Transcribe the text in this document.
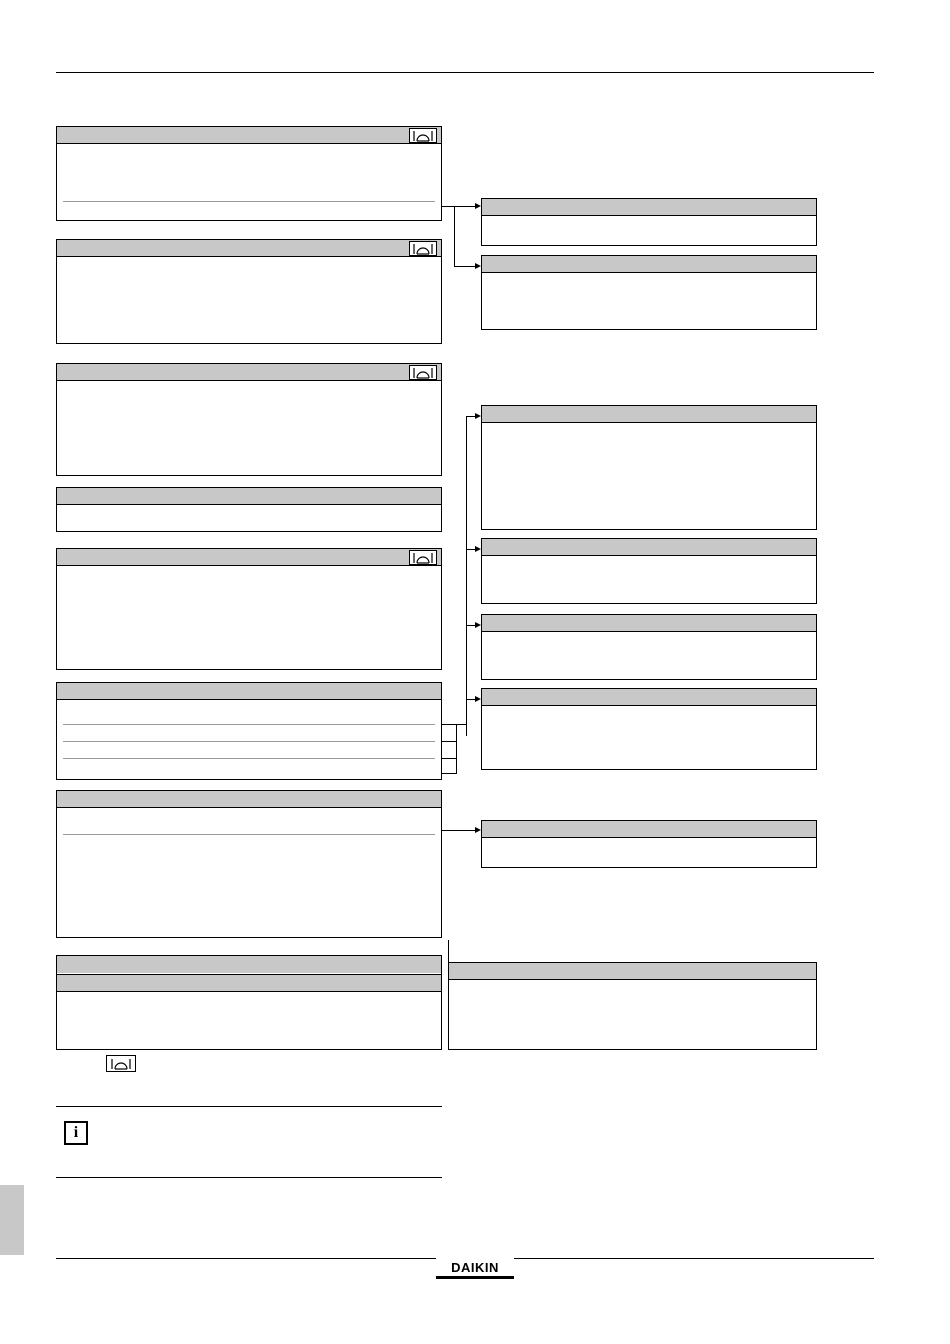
i
DAIKIN
